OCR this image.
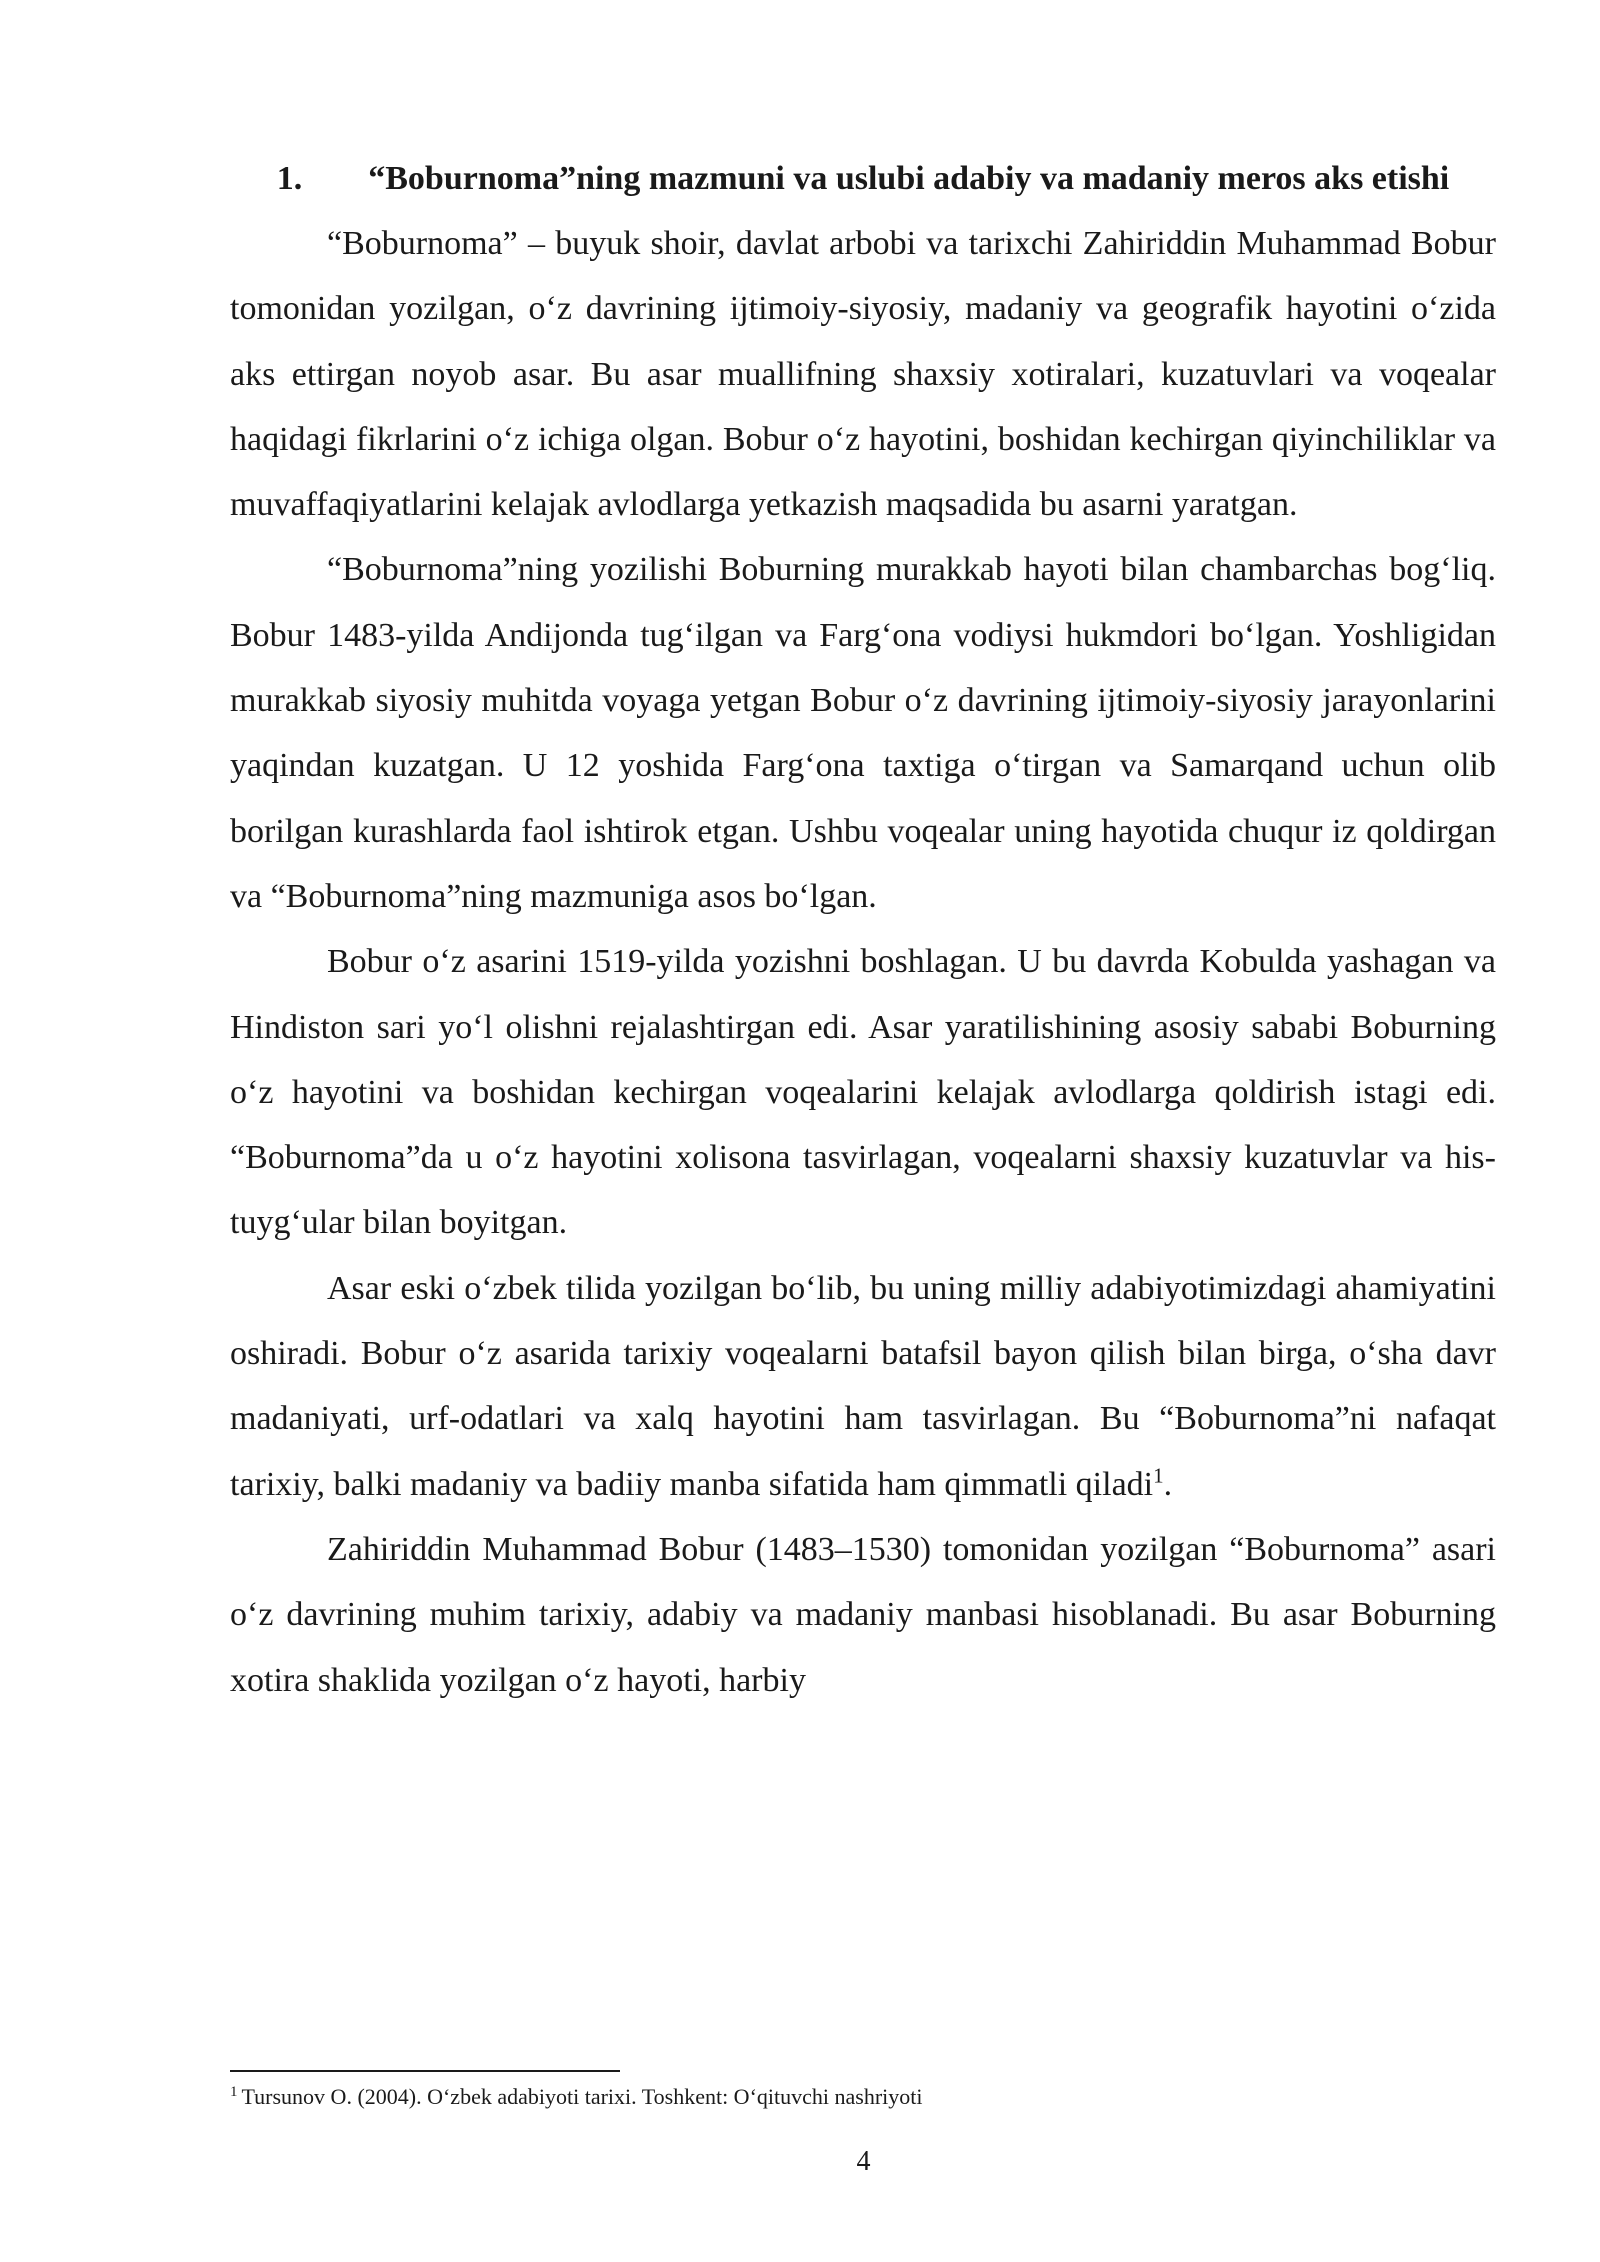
1. “Boburnoma”ning mazmuni va uslubi adabiy va madaniy meros aks etishi

“Boburnoma” – buyuk shoir, davlat arbobi va tarixchi Zahiriddin Muhammad Bobur tomonidan yozilgan, oʻz davrining ijtimoiy-siyosiy, madaniy va geografik hayotini oʻzida aks ettirgan noyob asar. Bu asar muallifning shaxsiy xotiralari, kuzatuvlari va voqealar haqidagi fikrlarini oʻz ichiga olgan. Bobur oʻz hayotini, boshidan kechirgan qiyinchiliklar va muvaffaqiyatlarini kelajak avlodlarga yetkazish maqsadida bu asarni yaratgan.

“Boburnoma”ning yozilishi Boburning murakkab hayoti bilan chambarchas bogʻliq. Bobur 1483-yilda Andijonda tugʻilgan va Fargʻona vodiysi hukmdori boʻlgan. Yoshligidan murakkab siyosiy muhitda voyaga yetgan Bobur oʻz davrining ijtimoiy-siyosiy jarayonlarini yaqindan kuzatgan. U 12 yoshida Fargʻona taxtiga oʻtirgan va Samarqand uchun olib borilgan kurashlarda faol ishtirok etgan. Ushbu voqealar uning hayotida chuqur iz qoldirgan va “Boburnoma”ning mazmuniga asos boʻlgan.

Bobur oʻz asarini 1519-yilda yozishni boshlagan. U bu davrda Kobulda yashagan va Hindiston sari yoʻl olishni rejalashtirgan edi. Asar yaratilishining asosiy sababi Boburning oʻz hayotini va boshidan kechirgan voqealarini kelajak avlodlarga qoldirish istagi edi. “Boburnoma”da u oʻz hayotini xolisona tasvirlagan, voqealarni shaxsiy kuzatuvlar va his-tuygʻular bilan boyitgan.

Asar eski oʻzbek tilida yozilgan boʻlib, bu uning milliy adabiyotimizdagi ahamiyatini oshiradi. Bobur oʻz asarida tarixiy voqealarni batafsil bayon qilish bilan birga, oʻsha davr madaniyati, urf-odatlari va xalq hayotini ham tasvirlagan. Bu “Boburnoma”ni nafaqat tarixiy, balki madaniy va badiiy manba sifatida ham qimmatli qiladi$^1$.

Zahiriddin Muhammad Bobur (1483–1530) tomonidan yozilgan “Boburnoma” asari oʻz davrining muhim tarixiy, adabiy va madaniy manbasi hisoblanadi. Bu asar Boburning xotira shaklida yozilgan oʻz hayoti, harbiy

$^1$ Tursunov O. (2004). Oʻzbek adabiyoti tarixi. Toshkent: Oʻqituvchi nashriyoti
4
